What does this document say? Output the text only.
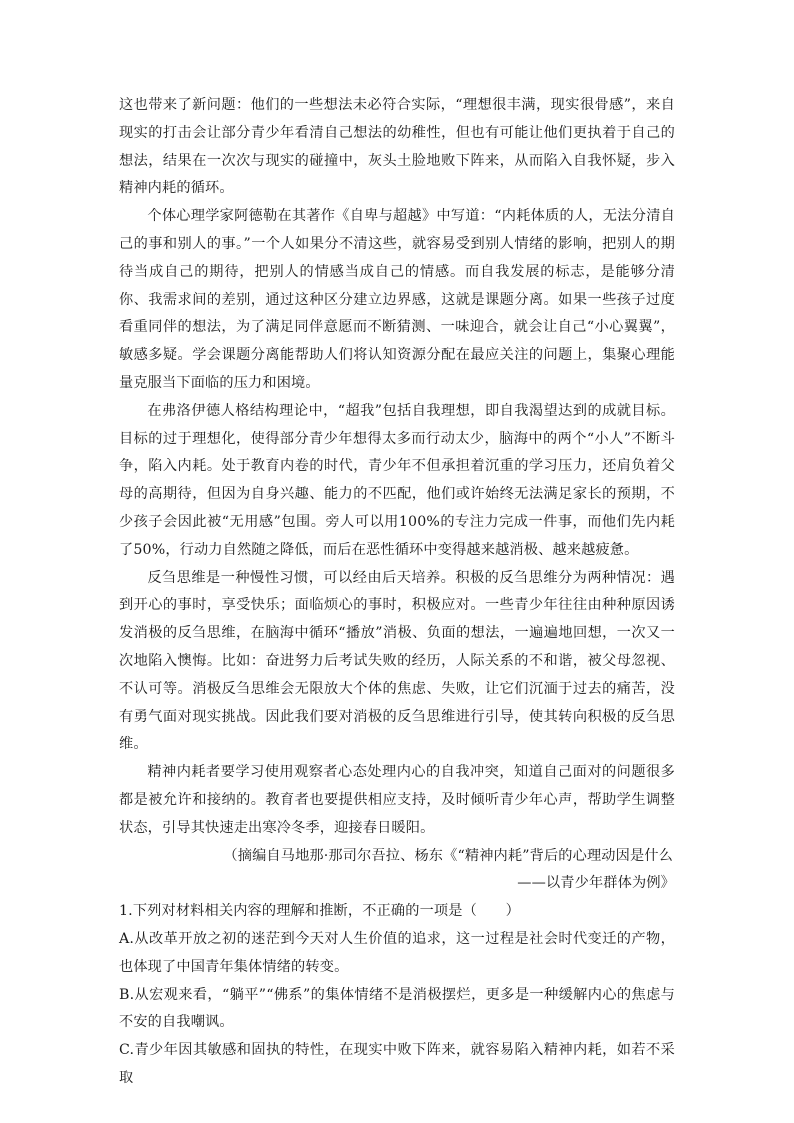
这也带来了新问题：他们的一些想法未必符合实际，“理想很丰满，现实很骨感”，来自现实的打击会让部分青少年看清自己想法的幼稚性，但也有可能让他们更执着于自己的想法，结果在一次次与现实的碰撞中，灰头土脸地败下阵来，从而陷入自我怀疑，步入精神内耗的循环。

个体心理学家阿德勒在其著作《自卑与超越》中写道：“内耗体质的人，无法分清自己的事和别人的事。”一个人如果分不清这些，就容易受到别人情绪的影响，把别人的期待当成自己的期待，把别人的情感当成自己的情感。而自我发展的标志，是能够分清你、我需求间的差别，通过这种区分建立边界感，这就是课题分离。如果一些孩子过度看重同伴的想法，为了满足同伴意愿而不断猜测、一味迎合，就会让自己“小心翼翼”，敏感多疑。学会课题分离能帮助人们将认知资源分配在最应关注的问题上，集聚心理能量克服当下面临的压力和困境。

在弗洛伊德人格结构理论中，“超我”包括自我理想，即自我渴望达到的成就目标。目标的过于理想化，使得部分青少年想得太多而行动太少，脑海中的两个“小人”不断斗争，陷入内耗。处于教育内卷的时代，青少年不但承担着沉重的学习压力，还肩负着父母的高期待，但因为自身兴趣、能力的不匹配，他们或许始终无法满足家长的预期，不少孩子会因此被“无用感”包围。旁人可以用100%的专注力完成一件事，而他们先内耗了50%，行动力自然随之降低，而后在恶性循环中变得越来越消极、越来越疲惫。

反刍思维是一种慢性习惯，可以经由后天培养。积极的反刍思维分为两种情况：遇到开心的事时，享受快乐；面临烦心的事时，积极应对。一些青少年往往由种种原因诱发消极的反刍思维，在脑海中循环“播放”消极、负面的想法，一遍遍地回想，一次又一次地陷入懊悔。比如：奋进努力后考试失败的经历，人际关系的不和谐，被父母忽视、不认可等。消极反刍思维会无限放大个体的焦虑、失败，让它们沉湎于过去的痛苦，没有勇气面对现实挑战。因此我们要对消极的反刍思维进行引导，使其转向积极的反刍思维。

精神内耗者要学习使用观察者心态处理内心的自我冲突，知道自己面对的问题很多都是被允许和接纳的。教育者也要提供相应支持，及时倾听青少年心声，帮助学生调整状态，引导其快速走出寒冷冬季，迎接春日暖阳。

（摘编自马地那·那司尔吾拉、杨东《“精神内耗”背后的心理动因是什么

——以青少年群体为例》

1.下列对材料相关内容的理解和推断，不正确的一项是（　　）

A.从改革开放之初的迷茫到今天对人生价值的追求，这一过程是社会时代变迁的产物，也体现了中国青年集体情绪的转变。

B.从宏观来看，“躺平”“佛系”的集体情绪不是消极摆烂，更多是一种缓解内心的焦虑与不安的自我嘲讽。

C.青少年因其敏感和固执的特性，在现实中败下阵来，就容易陷入精神内耗，如若不采取
